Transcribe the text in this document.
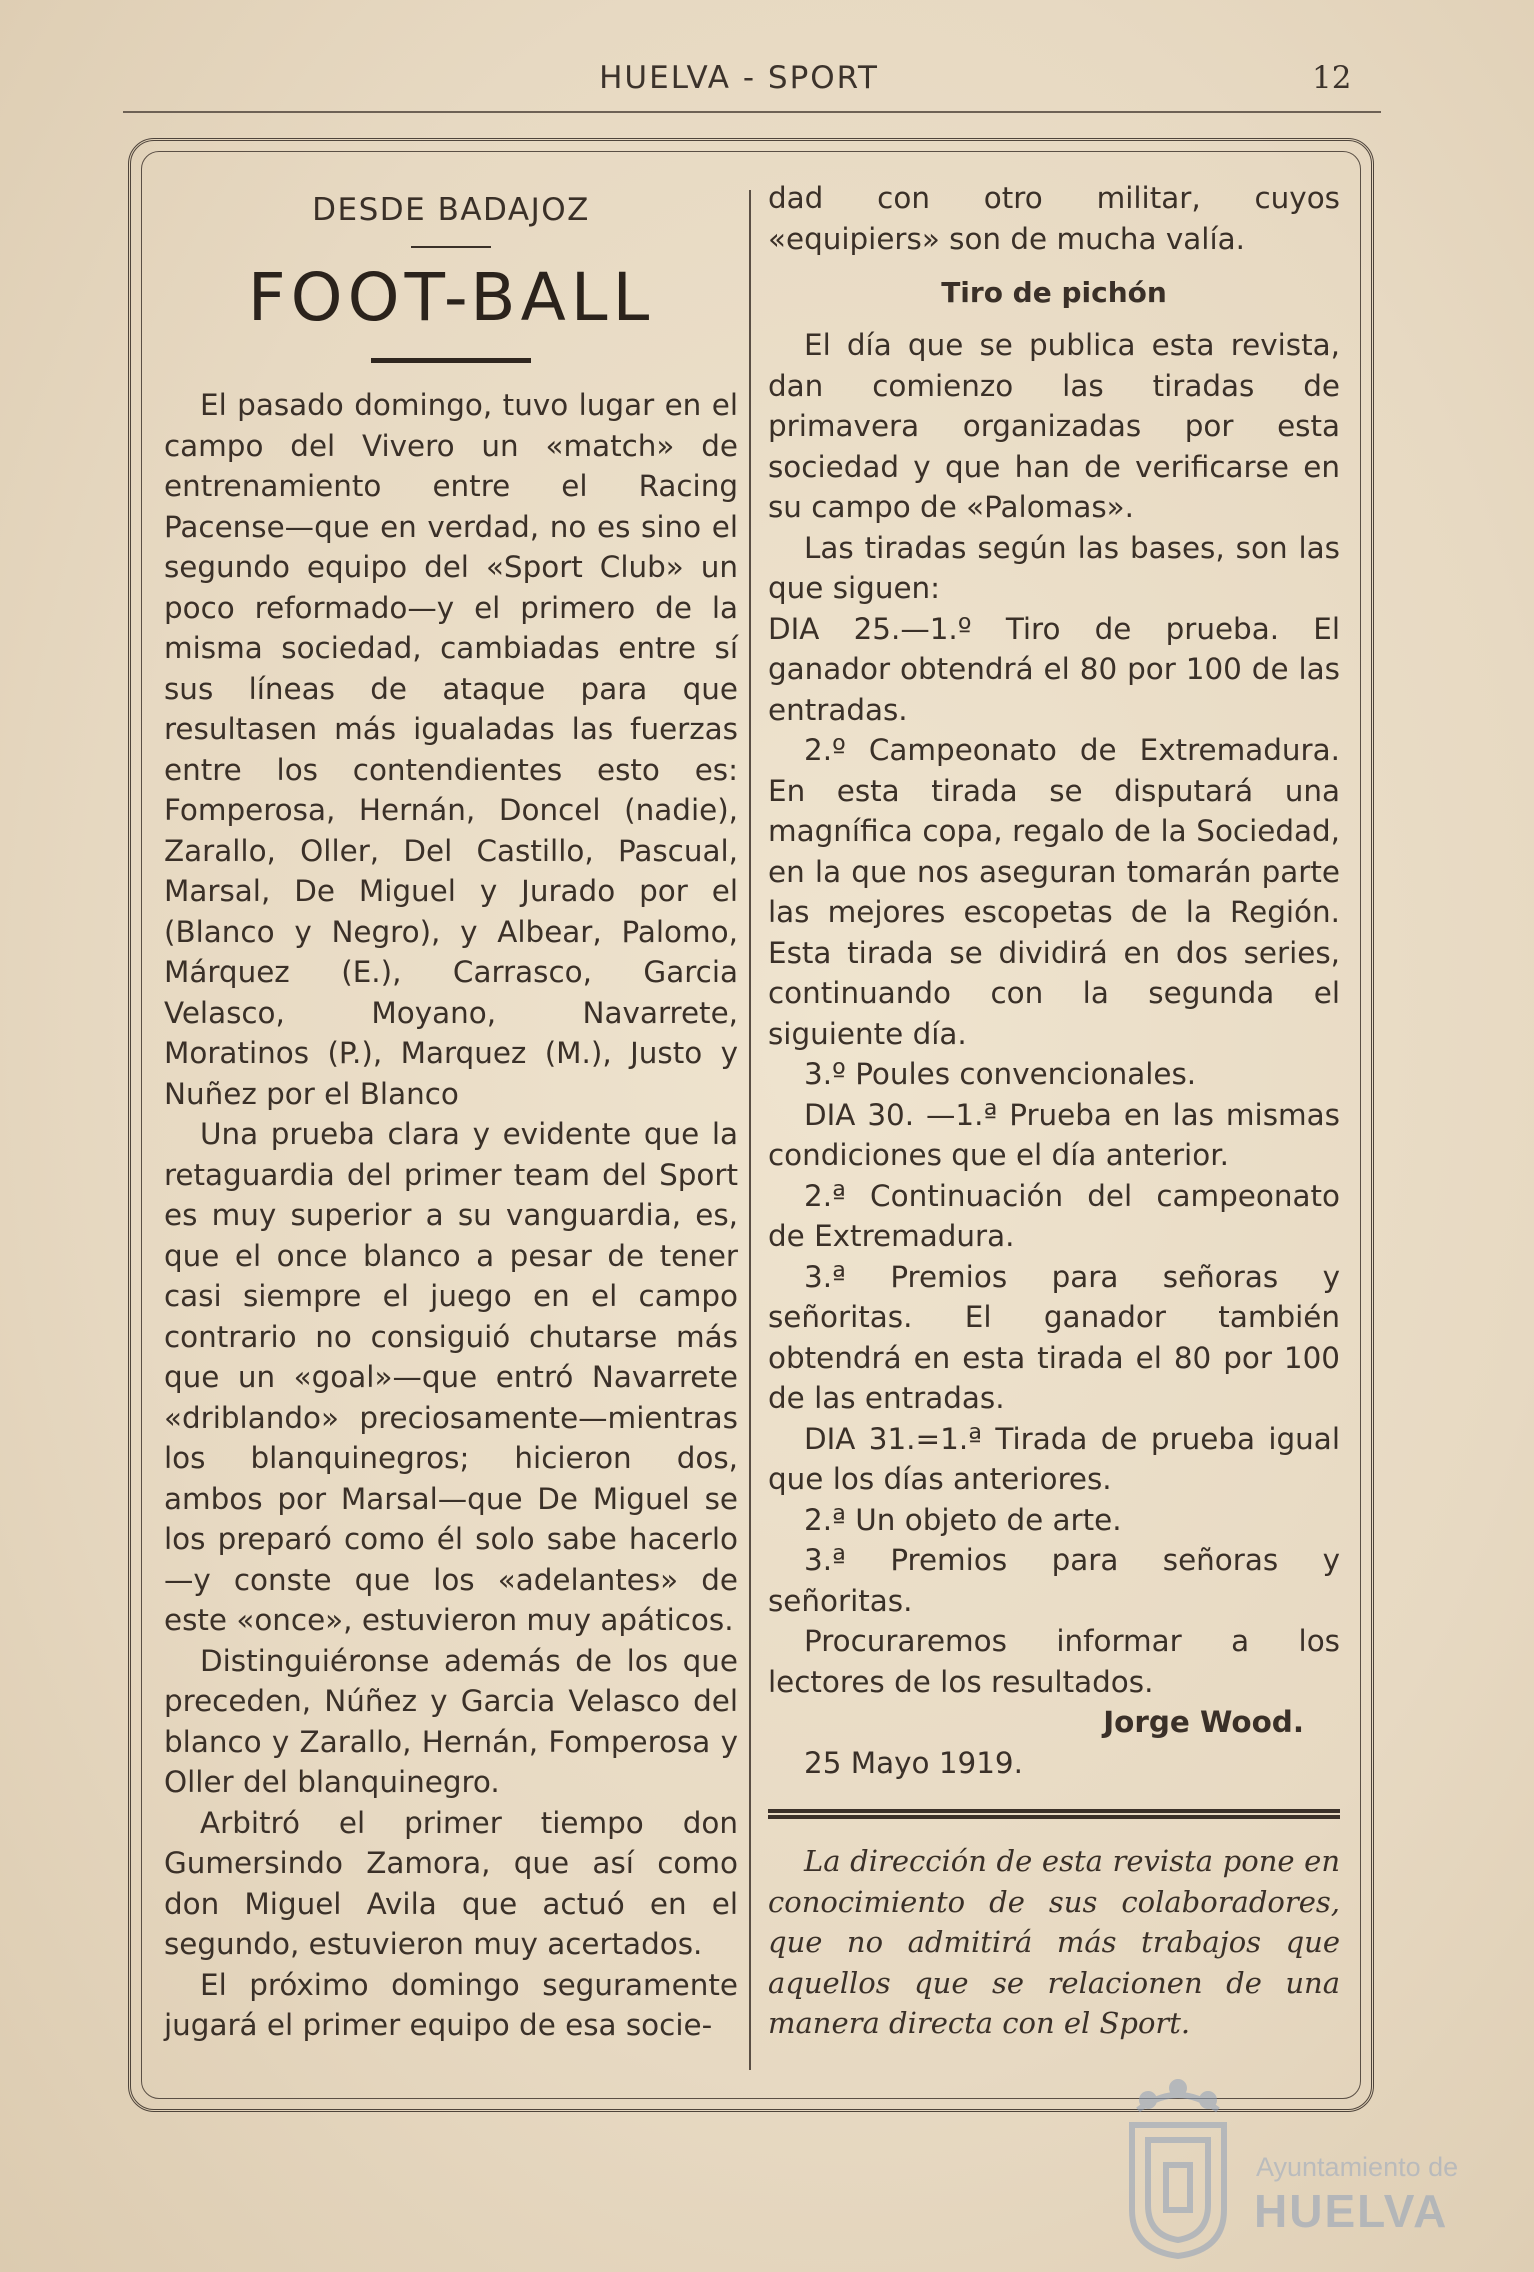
HUELVA - SPORT	12
DESDE BADAJOZ
FOOT-BALL

El pasado domingo, tuvo lugar en el campo del Vivero un «match» de entrenamiento entre el Racing Pacense—que en verdad, no es sino el segundo equipo del «Sport Club» un poco reformado—y el primero de la misma sociedad, cambiadas entre sí sus líneas de ataque para que resultasen más igualadas las fuerzas entre los contendientes esto es: Fomperosa, Hernán, Doncel (nadie), Zarallo, Oller, Del Castillo, Pascual, Marsal, De Miguel y Jurado por el (Blanco y Negro), y Albear, Palomo, Márquez (E.), Carrasco, Garcia Velasco, Moyano, Navarrete, Moratinos (P.), Marquez (M.), Justo y Nuñez por el Blanco

Una prueba clara y evidente que la retaguardia del primer team del Sport es muy superior a su vanguardia, es, que el once blanco a pesar de tener casi siempre el juego en el campo contrario no consiguió chutarse más que un «goal»—que entró Navarrete «driblando» preciosamente—mientras los blanquinegros; hicieron dos, ambos por Marsal—que De Miguel se los preparó como él solo sabe hacerlo—y conste que los «adelantes» de este «once», estuvieron muy apáticos.

Distinguiéronse además de los que preceden, Núñez y Garcia Velasco del blanco y Zarallo, Hernán, Fomperosa y Oller del blanquinegro.

Arbitró el primer tiempo don Gumersindo Zamora, que así como don Miguel Avila que actuó en el segundo, estuvieron muy acertados.

El próximo domingo seguramente jugará el primer equipo de esa socie-

dad con otro militar, cuyos «equipiers» son de mucha valía.

Tiro de pichón

El día que se publica esta revista, dan comienzo las tiradas de primavera organizadas por esta sociedad y que han de verificarse en su campo de «Palomas».

Las tiradas según las bases, son las que siguen:

DIA 25.—1.º Tiro de prueba. El ganador obtendrá el 80 por 100 de las entradas.

2.º Campeonato de Extremadura. En esta tirada se disputará una magnífica copa, regalo de la Sociedad, en la que nos aseguran tomarán parte las mejores escopetas de la Región. Esta tirada se dividirá en dos series, continuando con la segunda el siguiente día.

3.º Poules convencionales.

DIA 30. —1.ª Prueba en las mismas condiciones que el día anterior.

2.ª Continuación del campeonato de Extremadura.

3.ª Premios para señoras y señoritas. El ganador también obtendrá en esta tirada el 80 por 100 de las entradas.

DIA 31.=1.ª Tirada de prueba igual que los días anteriores.

2.ª Un objeto de arte.

3.ª Premios para señoras y señoritas.

Procuraremos informar a los lectores de los resultados.

Jorge Wood.

25 Mayo 1919.

La dirección de esta revista pone en conocimiento de sus colaboradores, que no admitirá más trabajos que aquellos que se relacionen de una manera directa con el Sport.

Ayuntamiento de
HUELVA
